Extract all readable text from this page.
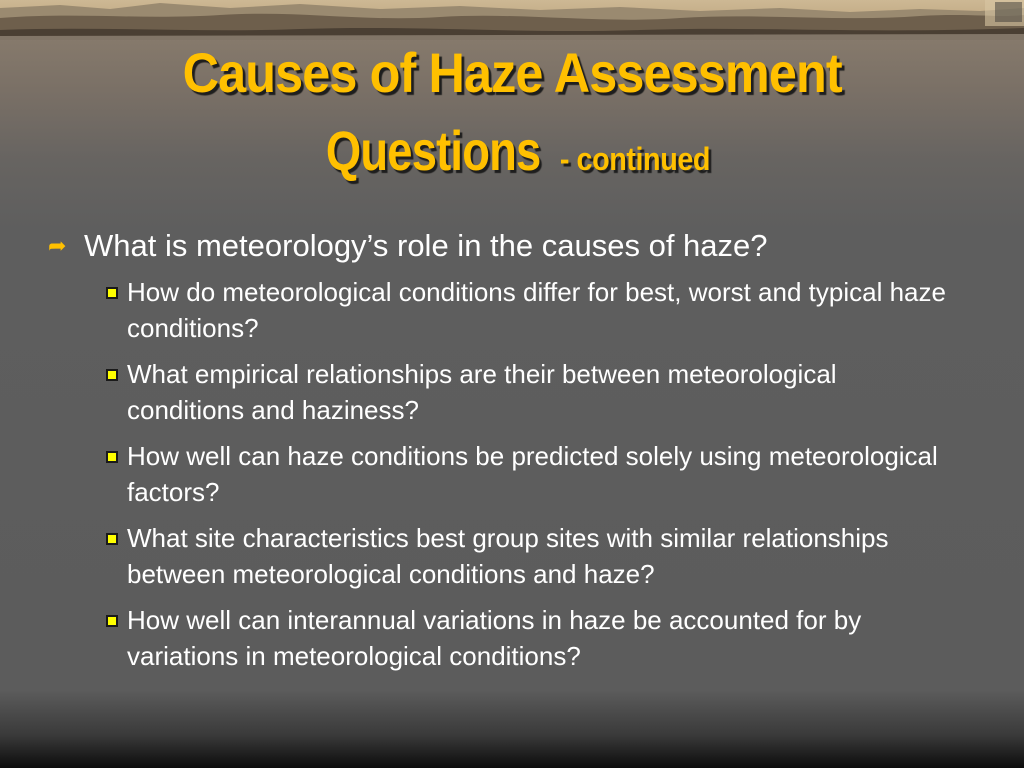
Causes of Haze Assessment
Questions - continued
➦ What is meteorology’s role in the causes of haze?
How do meteorological conditions differ for best, worst and typical haze conditions?
What empirical relationships are their between meteorological conditions and haziness?
How well can haze conditions be predicted solely using meteorological factors?
What site characteristics best group sites with similar relationships between meteorological conditions and haze?
How well can interannual variations in haze be accounted for by variations in meteorological conditions?
